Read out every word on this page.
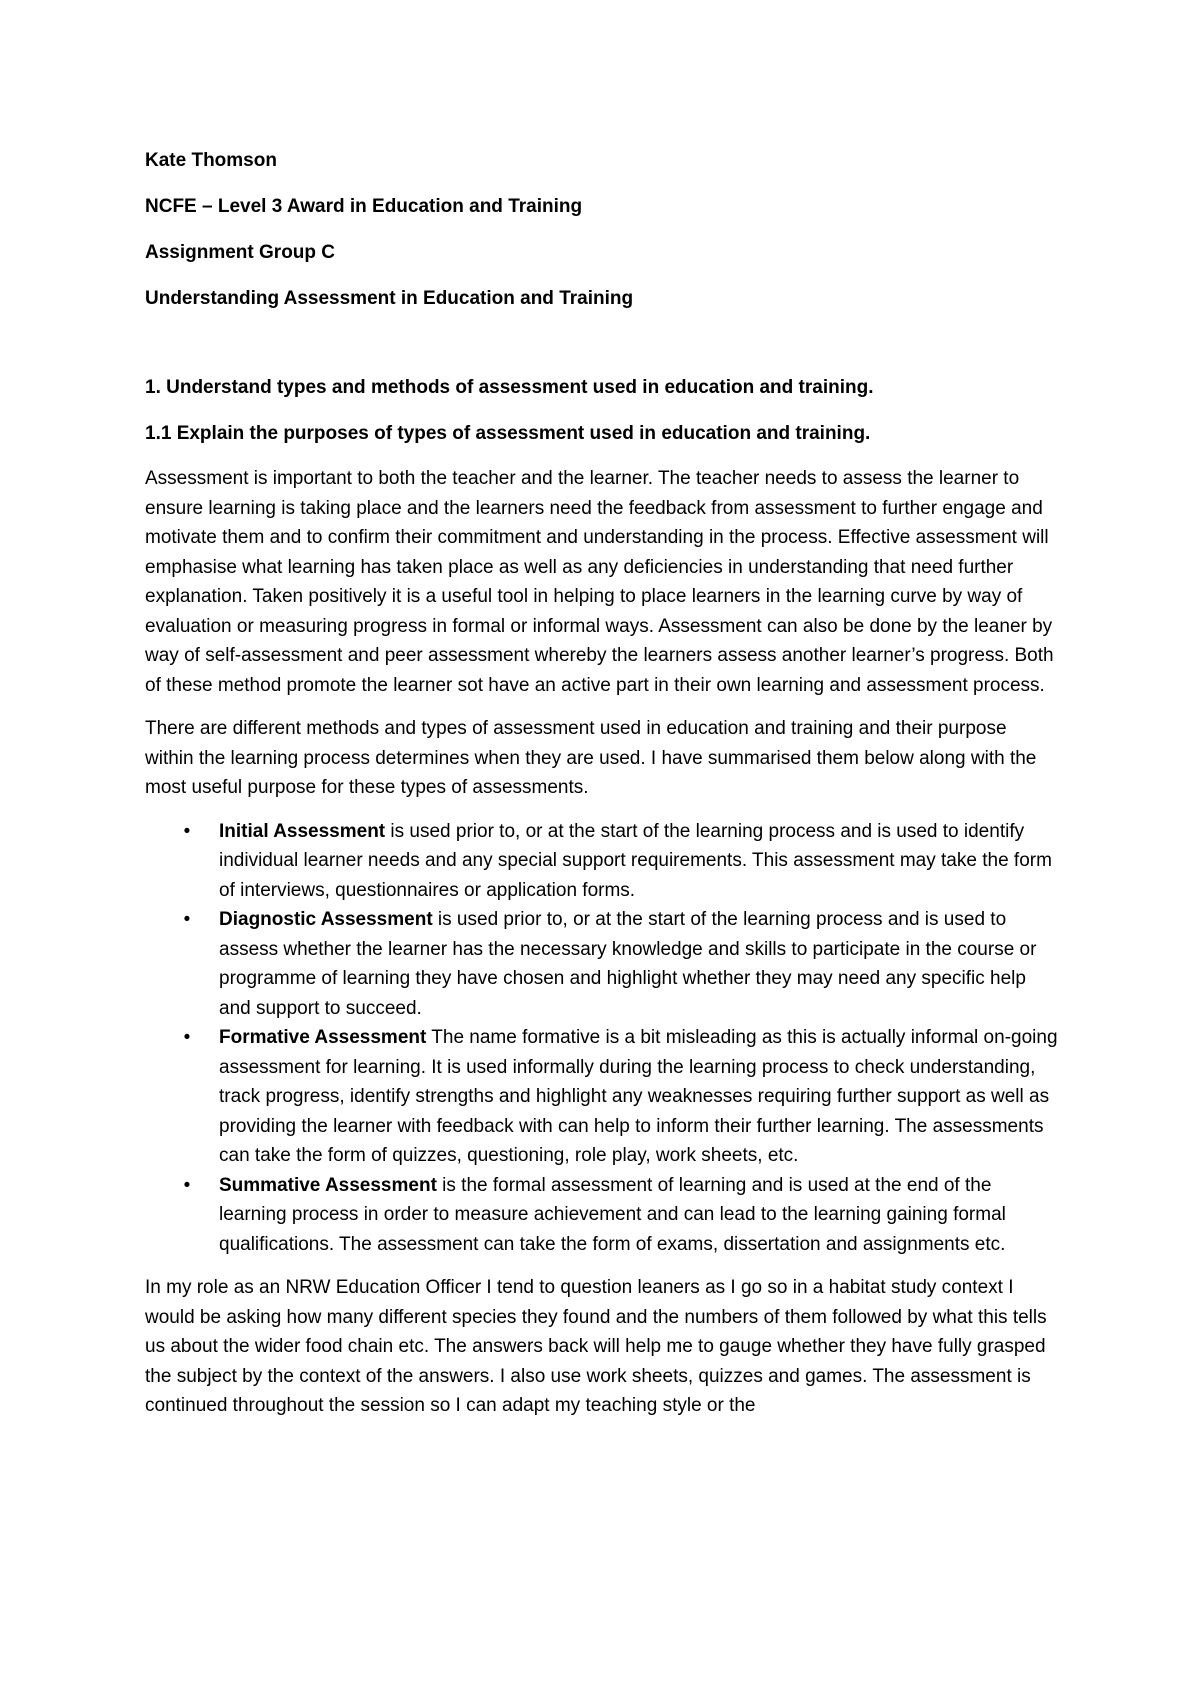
Kate Thomson
NCFE – Level 3 Award in Education and Training
Assignment Group C
Understanding Assessment in Education and Training
1. Understand types and methods of assessment used in education and training.
1.1 Explain the purposes of types of assessment used in education and training.

Assessment is important to both the teacher and the learner. The teacher needs to assess the learner to ensure learning is taking place and the learners need the feedback from assessment to further engage and motivate them and to confirm their commitment and understanding in the process. Effective assessment will emphasise what learning has taken place as well as any deficiencies in understanding that need further explanation. Taken positively it is a useful tool in helping to place learners in the learning curve by way of evaluation or measuring progress in formal or informal ways. Assessment can also be done by the leaner by way of self-assessment and peer assessment whereby the learners assess another learner’s progress. Both of these method promote the learner sot have an active part in their own learning and assessment process.

There are different methods and types of assessment used in education and training and their purpose within the learning process determines when they are used. I have summarised them below along with the most useful purpose for these types of assessments.

• Initial Assessment is used prior to, or at the start of the learning process and is used to identify individual learner needs and any special support requirements. This assessment may take the form of interviews, questionnaires or application forms.
• Diagnostic Assessment is used prior to, or at the start of the learning process and is used to assess whether the learner has the necessary knowledge and skills to participate in the course or programme of learning they have chosen and highlight whether they may need any specific help and support to succeed.
• Formative Assessment The name formative is a bit misleading as this is actually informal on-going assessment for learning. It is used informally during the learning process to check understanding, track progress, identify strengths and highlight any weaknesses requiring further support as well as providing the learner with feedback with can help to inform their further learning. The assessments can take the form of quizzes, questioning, role play, work sheets, etc.
• Summative Assessment is the formal assessment of learning and is used at the end of the learning process in order to measure achievement and can lead to the learning gaining formal qualifications. The assessment can take the form of exams, dissertation and assignments etc.

In my role as an NRW Education Officer I tend to question leaners as I go so in a habitat study context I would be asking how many different species they found and the numbers of them followed by what this tells us about the wider food chain etc. The answers back will help me to gauge whether they have fully grasped the subject by the context of the answers. I also use work sheets, quizzes and games. The assessment is continued throughout the session so I can adapt my teaching style or the
